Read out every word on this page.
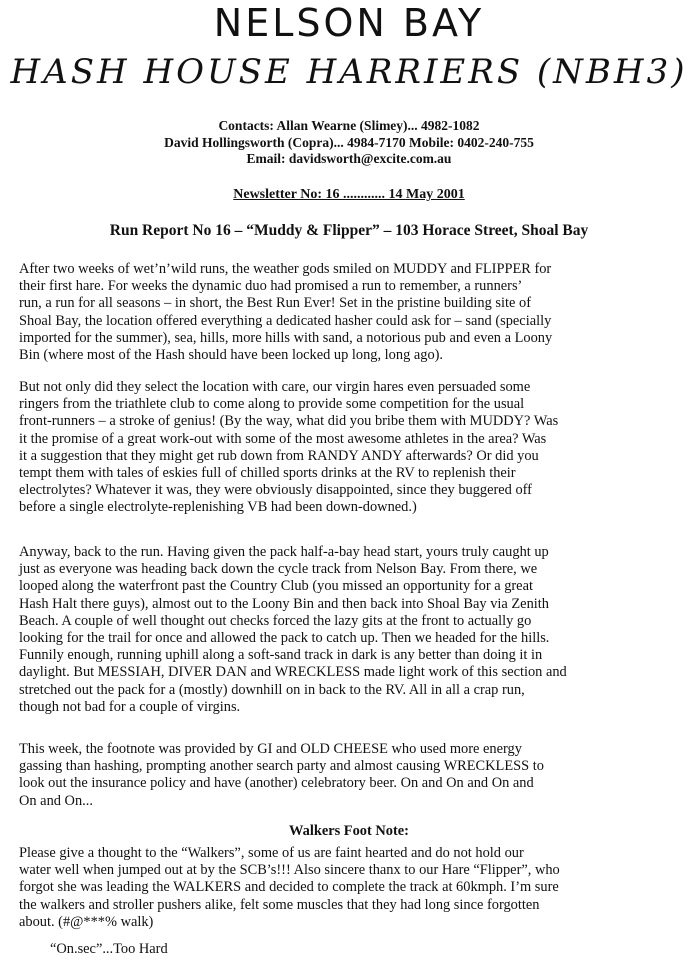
NELSON BAY
HASH HOUSE HARRIERS (NBH3)
Contacts: Allan Wearne (Slimey)... 4982-1082
David Hollingsworth (Copra)... 4984-7170 Mobile: 0402-240-755
Email: davidsworth@excite.com.au
Newsletter No: 16 ............ 14 May 2001
Run Report No 16 – “Muddy & Flipper” – 103 Horace Street, Shoal Bay

After two weeks of wet’n’wild runs, the weather gods smiled on MUDDY and FLIPPER for

their first hare. For weeks the dynamic duo had promised a run to remember, a runners’

run, a run for all seasons – in short, the Best Run Ever! Set in the pristine building site of

Shoal Bay, the location offered everything a dedicated hasher could ask for – sand (specially

imported for the summer), sea, hills, more hills with sand, a notorious pub and even a Loony

Bin (where most of the Hash should have been locked up long, long ago).

But not only did they select the location with care, our virgin hares even persuaded some

ringers from the triathlete club to come along to provide some competition for the usual

front-runners – a stroke of genius! (By the way, what did you bribe them with MUDDY? Was

it the promise of a great work-out with some of the most awesome athletes in the area? Was

it a suggestion that they might get rub down from RANDY ANDY afterwards? Or did you

tempt them with tales of eskies full of chilled sports drinks at the RV to replenish their

electrolytes? Whatever it was, they were obviously disappointed, since they buggered off

before a single electrolyte-replenishing VB had been down-downed.)

Anyway, back to the run. Having given the pack half-a-bay head start, yours truly caught up

just as everyone was heading back down the cycle track from Nelson Bay. From there, we

looped along the waterfront past the Country Club (you missed an opportunity for a great

Hash Halt there guys), almost out to the Loony Bin and then back into Shoal Bay via Zenith

Beach. A couple of well thought out checks forced the lazy gits at the front to actually go

looking for the trail for once and allowed the pack to catch up. Then we headed for the hills.

Funnily enough, running uphill along a soft-sand track in dark is any better than doing it in

daylight. But MESSIAH, DIVER DAN and WRECKLESS made light work of this section and

stretched out the pack for a (mostly) downhill on in back to the RV. All in all a crap run,

though not bad for a couple of virgins.

This week, the footnote was provided by GI and OLD CHEESE who used more energy

gassing than hashing, prompting another search party and almost causing WRECKLESS to

look out the insurance policy and have (another) celebratory beer. On and On and On and

On and On...

Walkers Foot Note:

Please give a thought to the “Walkers”, some of us are faint hearted and do not hold our

water well when jumped out at by the SCB’s!!! Also sincere thanx to our Hare “Flipper”, who

forgot she was leading the WALKERS and decided to complete the track at 60kmph. I’m sure

the walkers and stroller pushers alike, felt some muscles that they had long since forgotten

about. (#@***% walk)

“On.sec”...Too Hard
